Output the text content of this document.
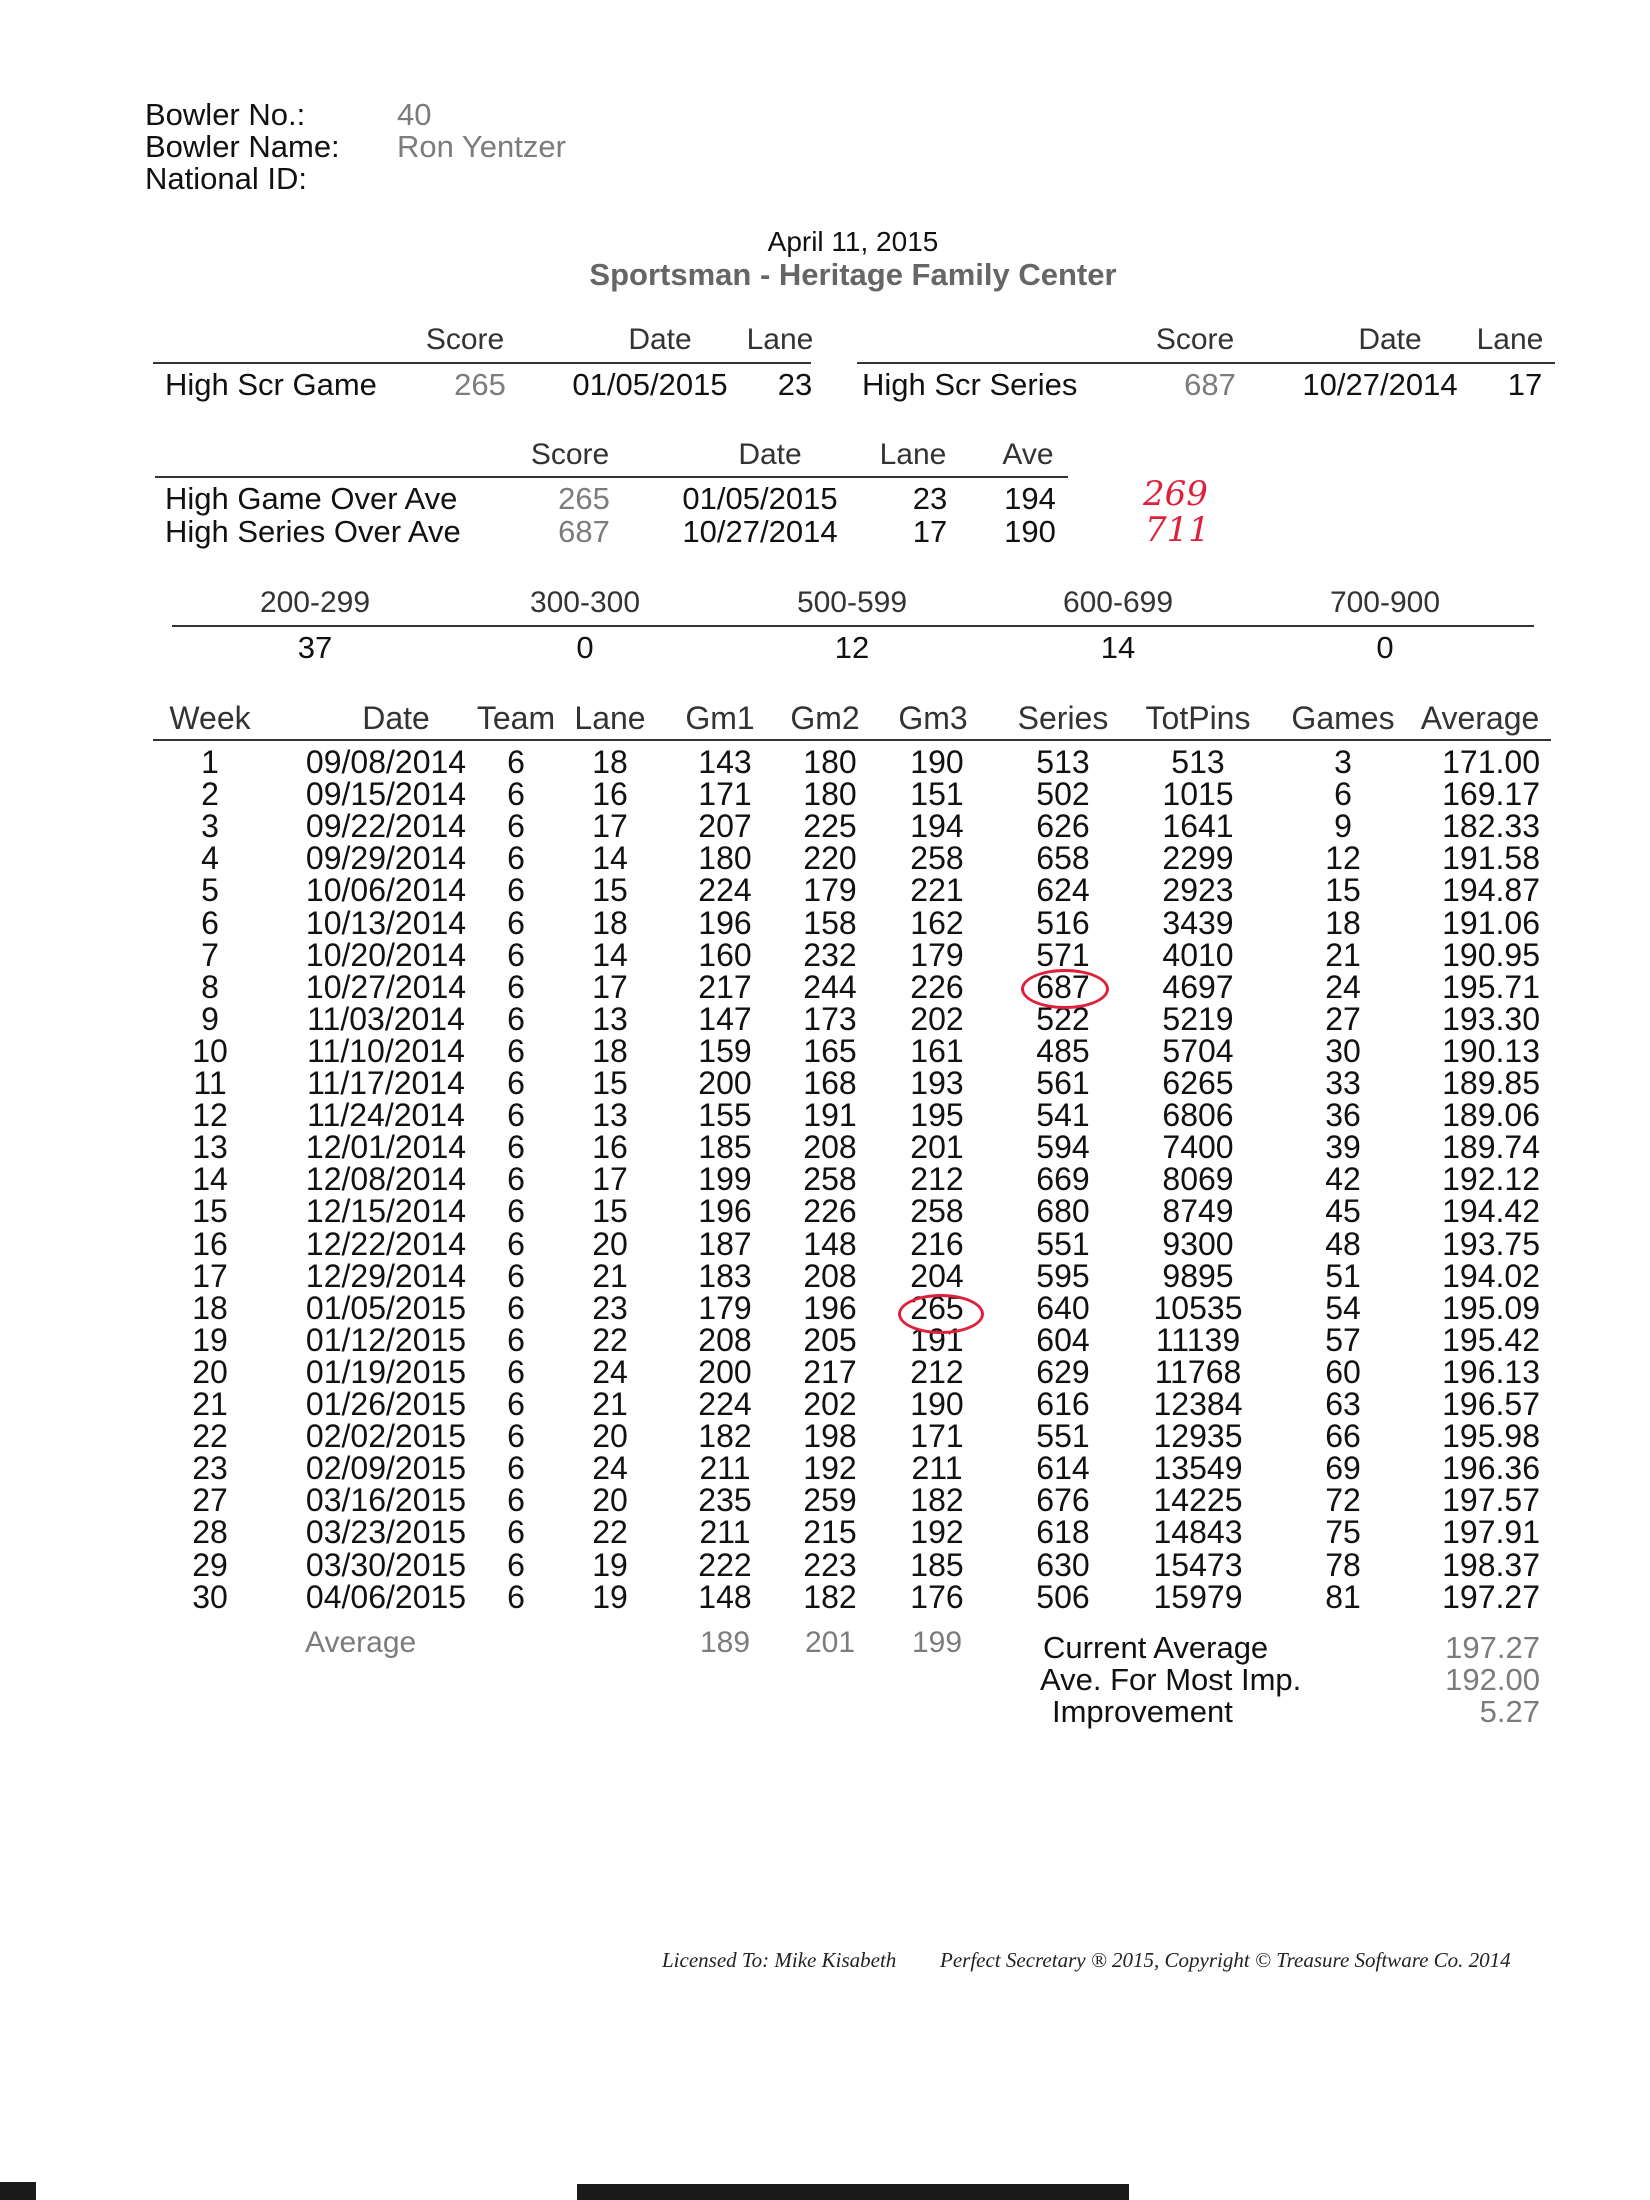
Bowler No.:	40
Bowler Name: Ron Yentzer
National ID:
April 11, 2015
Sportsman - Heritage Family Center
Score	Date	Lane
High Scr Game	265	01/05/2015	23
Score	Date	Lane
High Scr Series	687	10/27/2014	17
Score	Date	Lane	Ave
High Game Over Ave	265	01/05/2015	23	194
High Series Over Ave	687	10/27/2014	17	190
269
711
200-299	300-300	500-599	600-699	700-900
37	0	12	14	0
Week	Date	Team Lane	Gm1	Gm2	Gm3	Series	TotPins	Games Average
1	09/08/2014	6	18	143	180	190	513	513	3	171.00
2	09/15/2014	6	16	171	180	151	502	1015	6	169.17
3	09/22/2014	6	17	207	225	194	626	1641	9	182.33
4	09/29/2014	6	14	180	220	258	658	2299	12	191.58
5	10/06/2014	6	15	224	179	221	624	2923	15	194.87
6	10/13/2014	6	18	196	158	162	516	3439	18	191.06
7	10/20/2014	6	14	160	232	179	571	4010	21	190.95
8	10/27/2014	6	17	217	244	226	687	4697	24	195.71
9	11/03/2014	6	13	147	173	202	522	5219	27	193.30
10	11/10/2014	6	18	159	165	161	485	5704	30	190.13
11	11/17/2014	6	15	200	168	193	561	6265	33	189.85
12	11/24/2014	6	13	155	191	195	541	6806	36	189.06
13	12/01/2014	6	16	185	208	201	594	7400	39	189.74
14	12/08/2014	6	17	199	258	212	669	8069	42	192.12
15	12/15/2014	6	15	196	226	258	680	8749	45	194.42
16	12/22/2014	6	20	187	148	216	551	9300	48	193.75
17	12/29/2014	6	21	183	208	204	595	9895	51	194.02
18	01/05/2015	6	23	179	196	265	640	10535	54	195.09
19	01/12/2015	6	22	208	205	191	604	11139	57	195.42
20	01/19/2015	6	24	200	217	212	629	11768	60	196.13
21	01/26/2015	6	21	224	202	190	616	12384	63	196.57
22	02/02/2015	6	20	182	198	171	551	12935	66	195.98
23	02/09/2015	6	24	211	192	211	614	13549	69	196.36
27	03/16/2015	6	20	235	259	182	676	14225	72	197.57
28	03/23/2015	6	22	211	215	192	618	14843	75	197.91
29	03/30/2015	6	19	222	223	185	630	15473	78	198.37
30	04/06/2015	6	19	148	182	176	506	15979	81	197.27
Average	189	201	199	Current Average	197.27
Ave. For Most Imp.	192.00
Improvement	5.27
Licensed To: Mike Kisabeth Perfect Secretary ® 2015, Copyright © Treasure Software Co. 2014
